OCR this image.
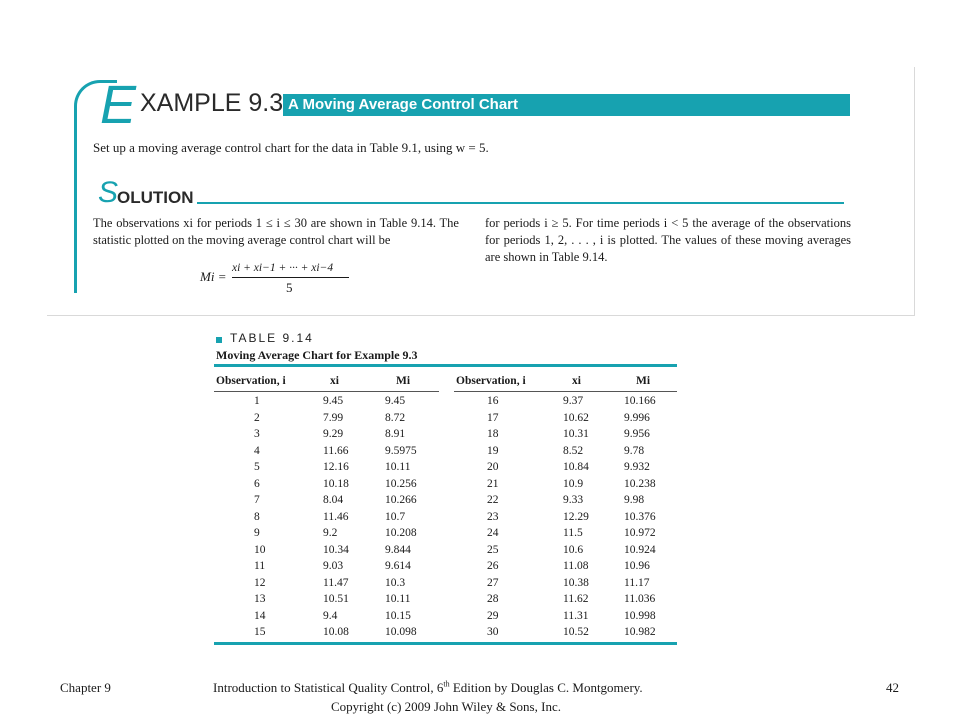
E XAMPLE 9.3 A Moving Average Control Chart
Set up a moving average control chart for the data in Table 9.1, using w = 5.
S
OLUTION
The observations xi for periods 1 ≤ i ≤ 30 are shown in Table 9.14. The statistic plotted on the moving average control chart will be
for periods i ≥ 5. For time periods i < 5 the average of the observations for periods 1, 2, . . . , i is plotted. The values of these moving averages are shown in Table 9.14.
Mi =
xi + xi−1 + ··· + xi−4
5
TABLE 9.14
Moving Average Chart for Example 9.3
Observation, i	xi	Mi	Observation, i	xi	Mi
1	9.45	9.45	16	9.37	10.166
2	7.99	8.72	17	10.62	9.996
3	9.29	8.91	18	10.31	9.956
4	11.66	9.5975	19	8.52	9.78
5	12.16	10.11	20	10.84	9.932
6	10.18	10.256	21	10.9	10.238
7	8.04	10.266	22	9.33	9.98
8	11.46	10.7	23	12.29	10.376
9	9.2	10.208	24	11.5	10.972
10	10.34	9.844	25	10.6	10.924
11	9.03	9.614	26	11.08	10.96
12	11.47	10.3	27	10.38	11.17
13	10.51	10.11	28	11.62	11.036
14	9.4	10.15	29	11.31	10.998
15	10.08	10.098	30	10.52	10.982
Chapter 9	Introduction to Statistical Quality Control, 6th Edition by Douglas C. Montgomery.
Copyright (c) 2009 John Wiley & Sons, Inc.
42
